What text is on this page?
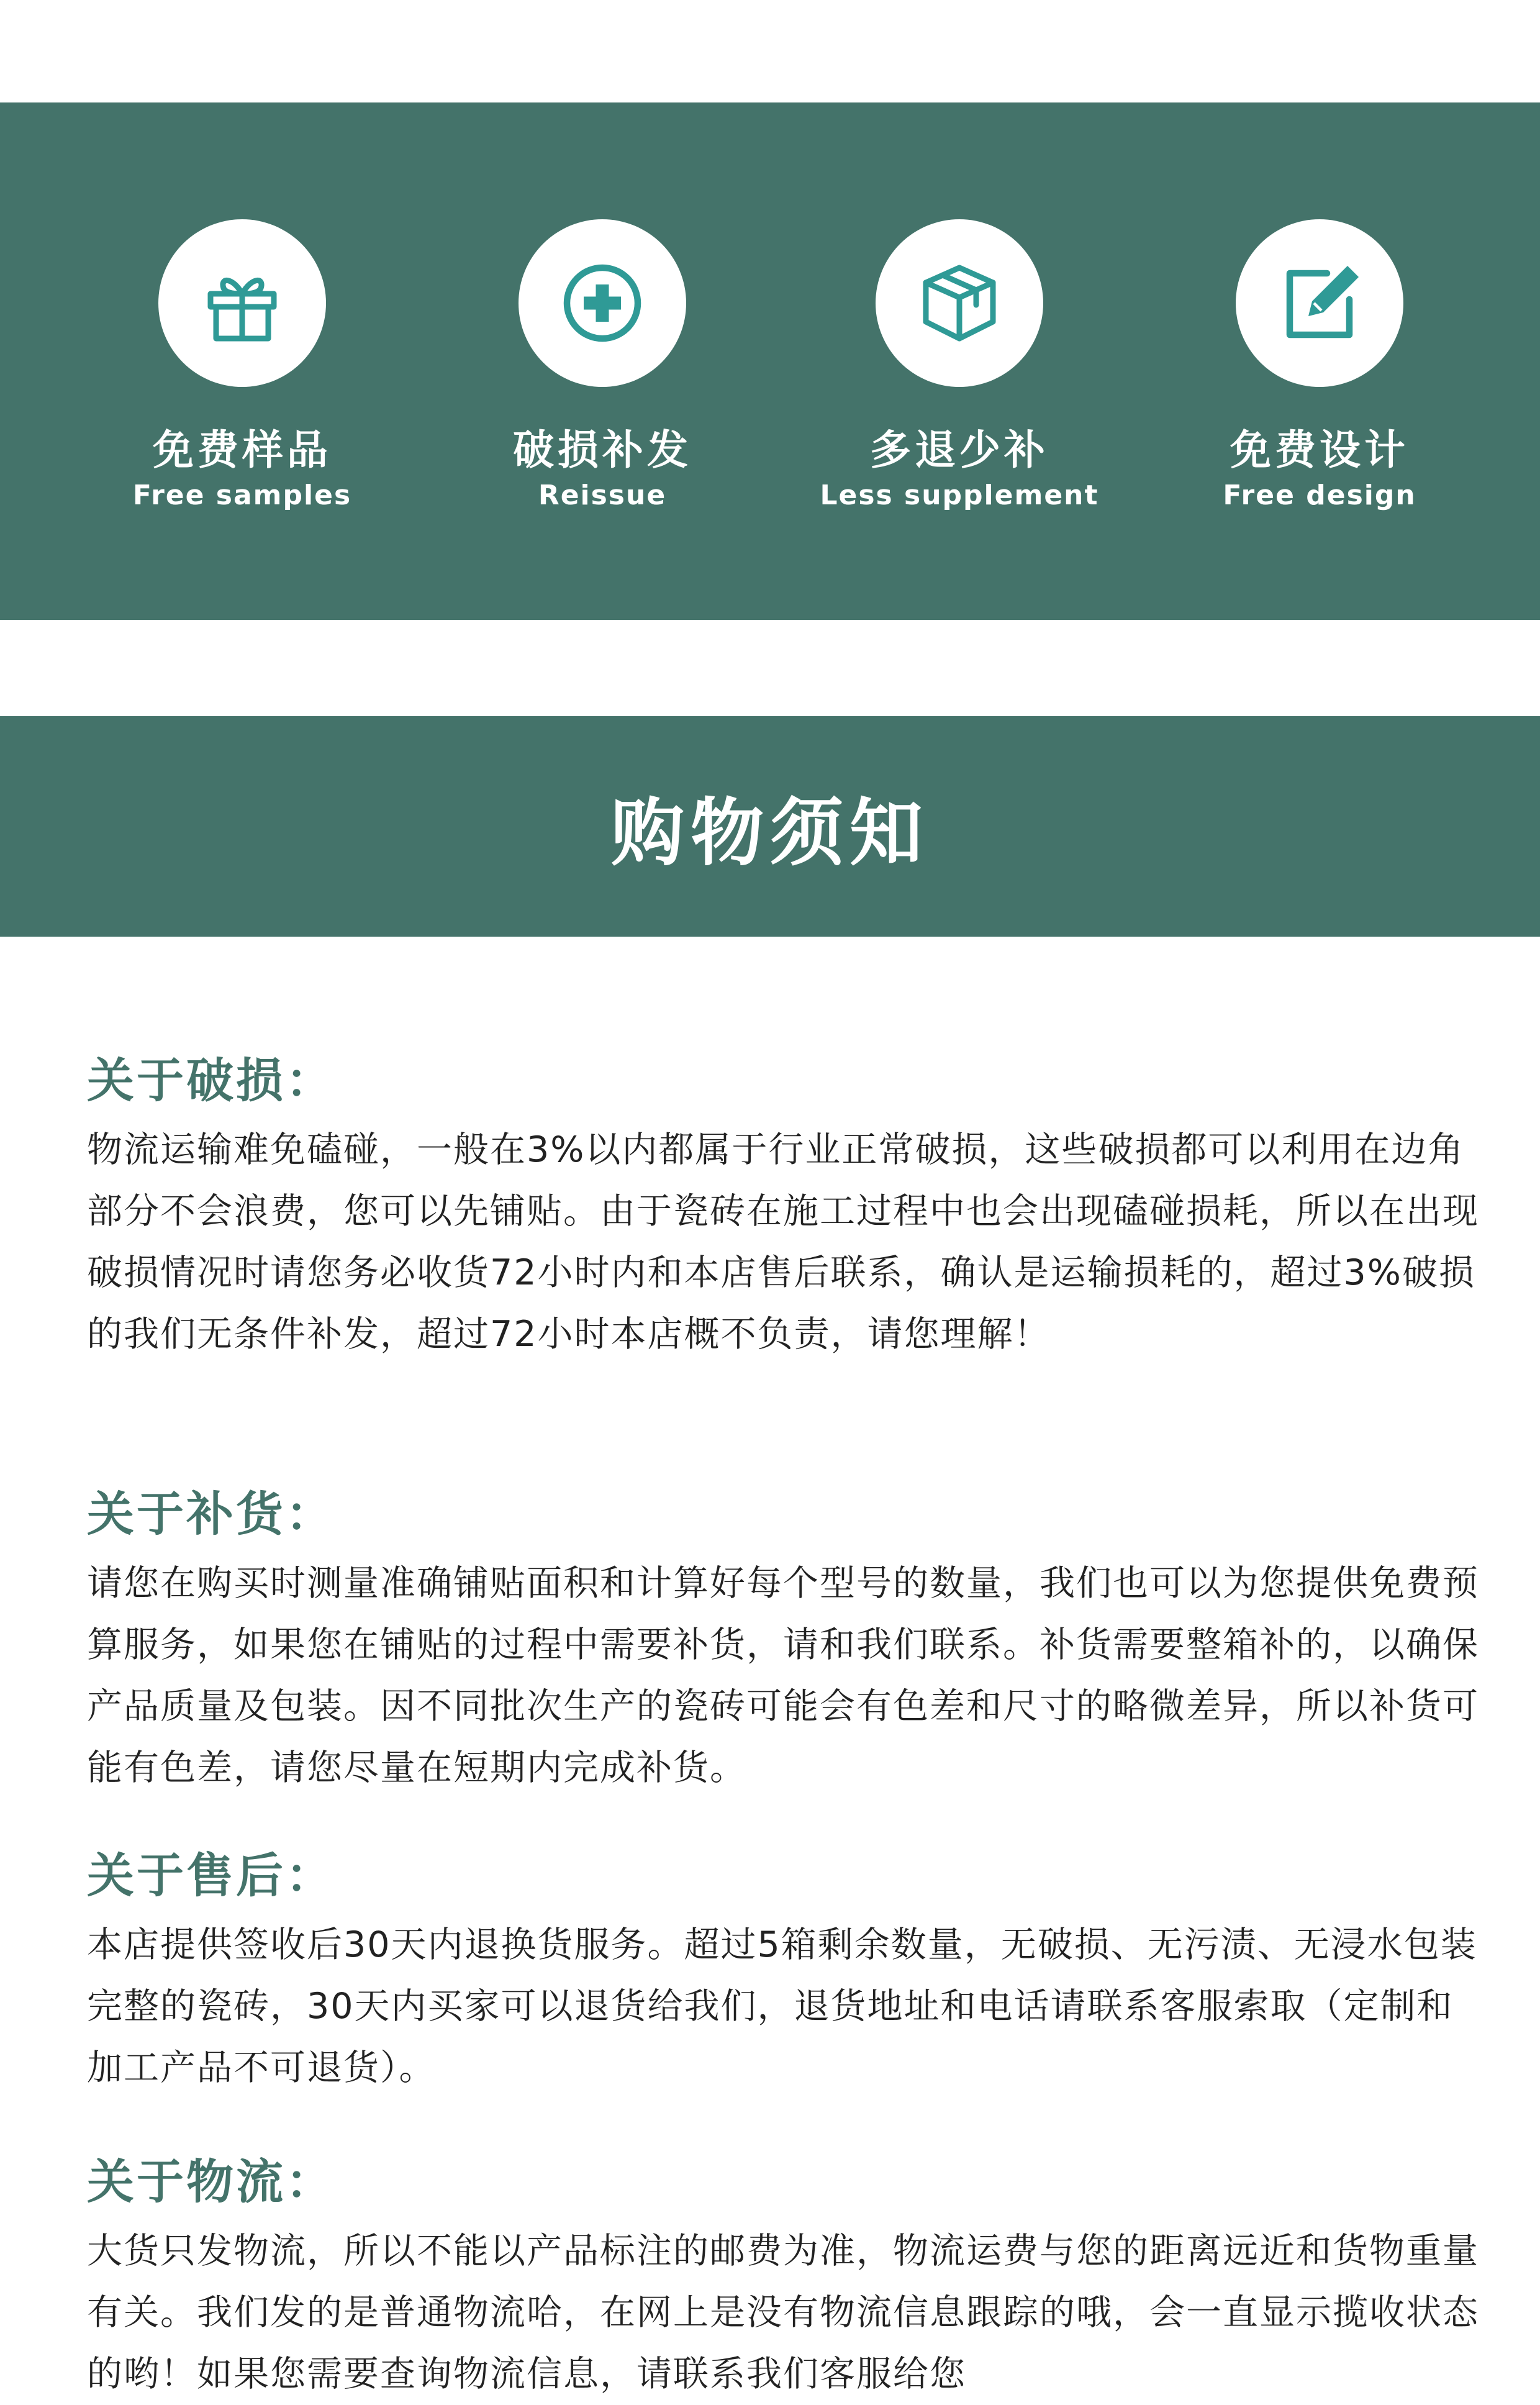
免费样品
Free samples
破损补发
Reissue
多退少补
Less supplement
免费设计
Free design
购物须知
关于破损：

物流运输难免磕碰，一般在3%以内都属于行业正常破损，这些破损都可以利用在边角部分不会浪费，您可以先铺贴。由于瓷砖在施工过程中也会出现磕碰损耗，所以在出现破损情况时请您务必收货72小时内和本店售后联系，确认是运输损耗的，超过3%破损的我们无条件补发，超过72小时本店概不负责，请您理解！

关于补货：

请您在购买时测量准确铺贴面积和计算好每个型号的数量，我们也可以为您提供免费预算服务，如果您在铺贴的过程中需要补货，请和我们联系。补货需要整箱补的，以确保产品质量及包装。因不同批次生产的瓷砖可能会有色差和尺寸的略微差异，所以补货可能有色差，请您尽量在短期内完成补货。

关于售后：

本店提供签收后30天内退换货服务。超过5箱剩余数量，无破损、无污渍、无浸水包装完整的瓷砖，30天内买家可以退货给我们，退货地址和电话请联系客服索取（定制和加工产品不可退货）。

关于物流：

大货只发物流，所以不能以产品标注的邮费为准，物流运费与您的距离远近和货物重量有关。我们发的是普通物流哈，在网上是没有物流信息跟踪的哦，会一直显示揽收状态的哟！如果您需要查询物流信息，请联系我们客服给您
